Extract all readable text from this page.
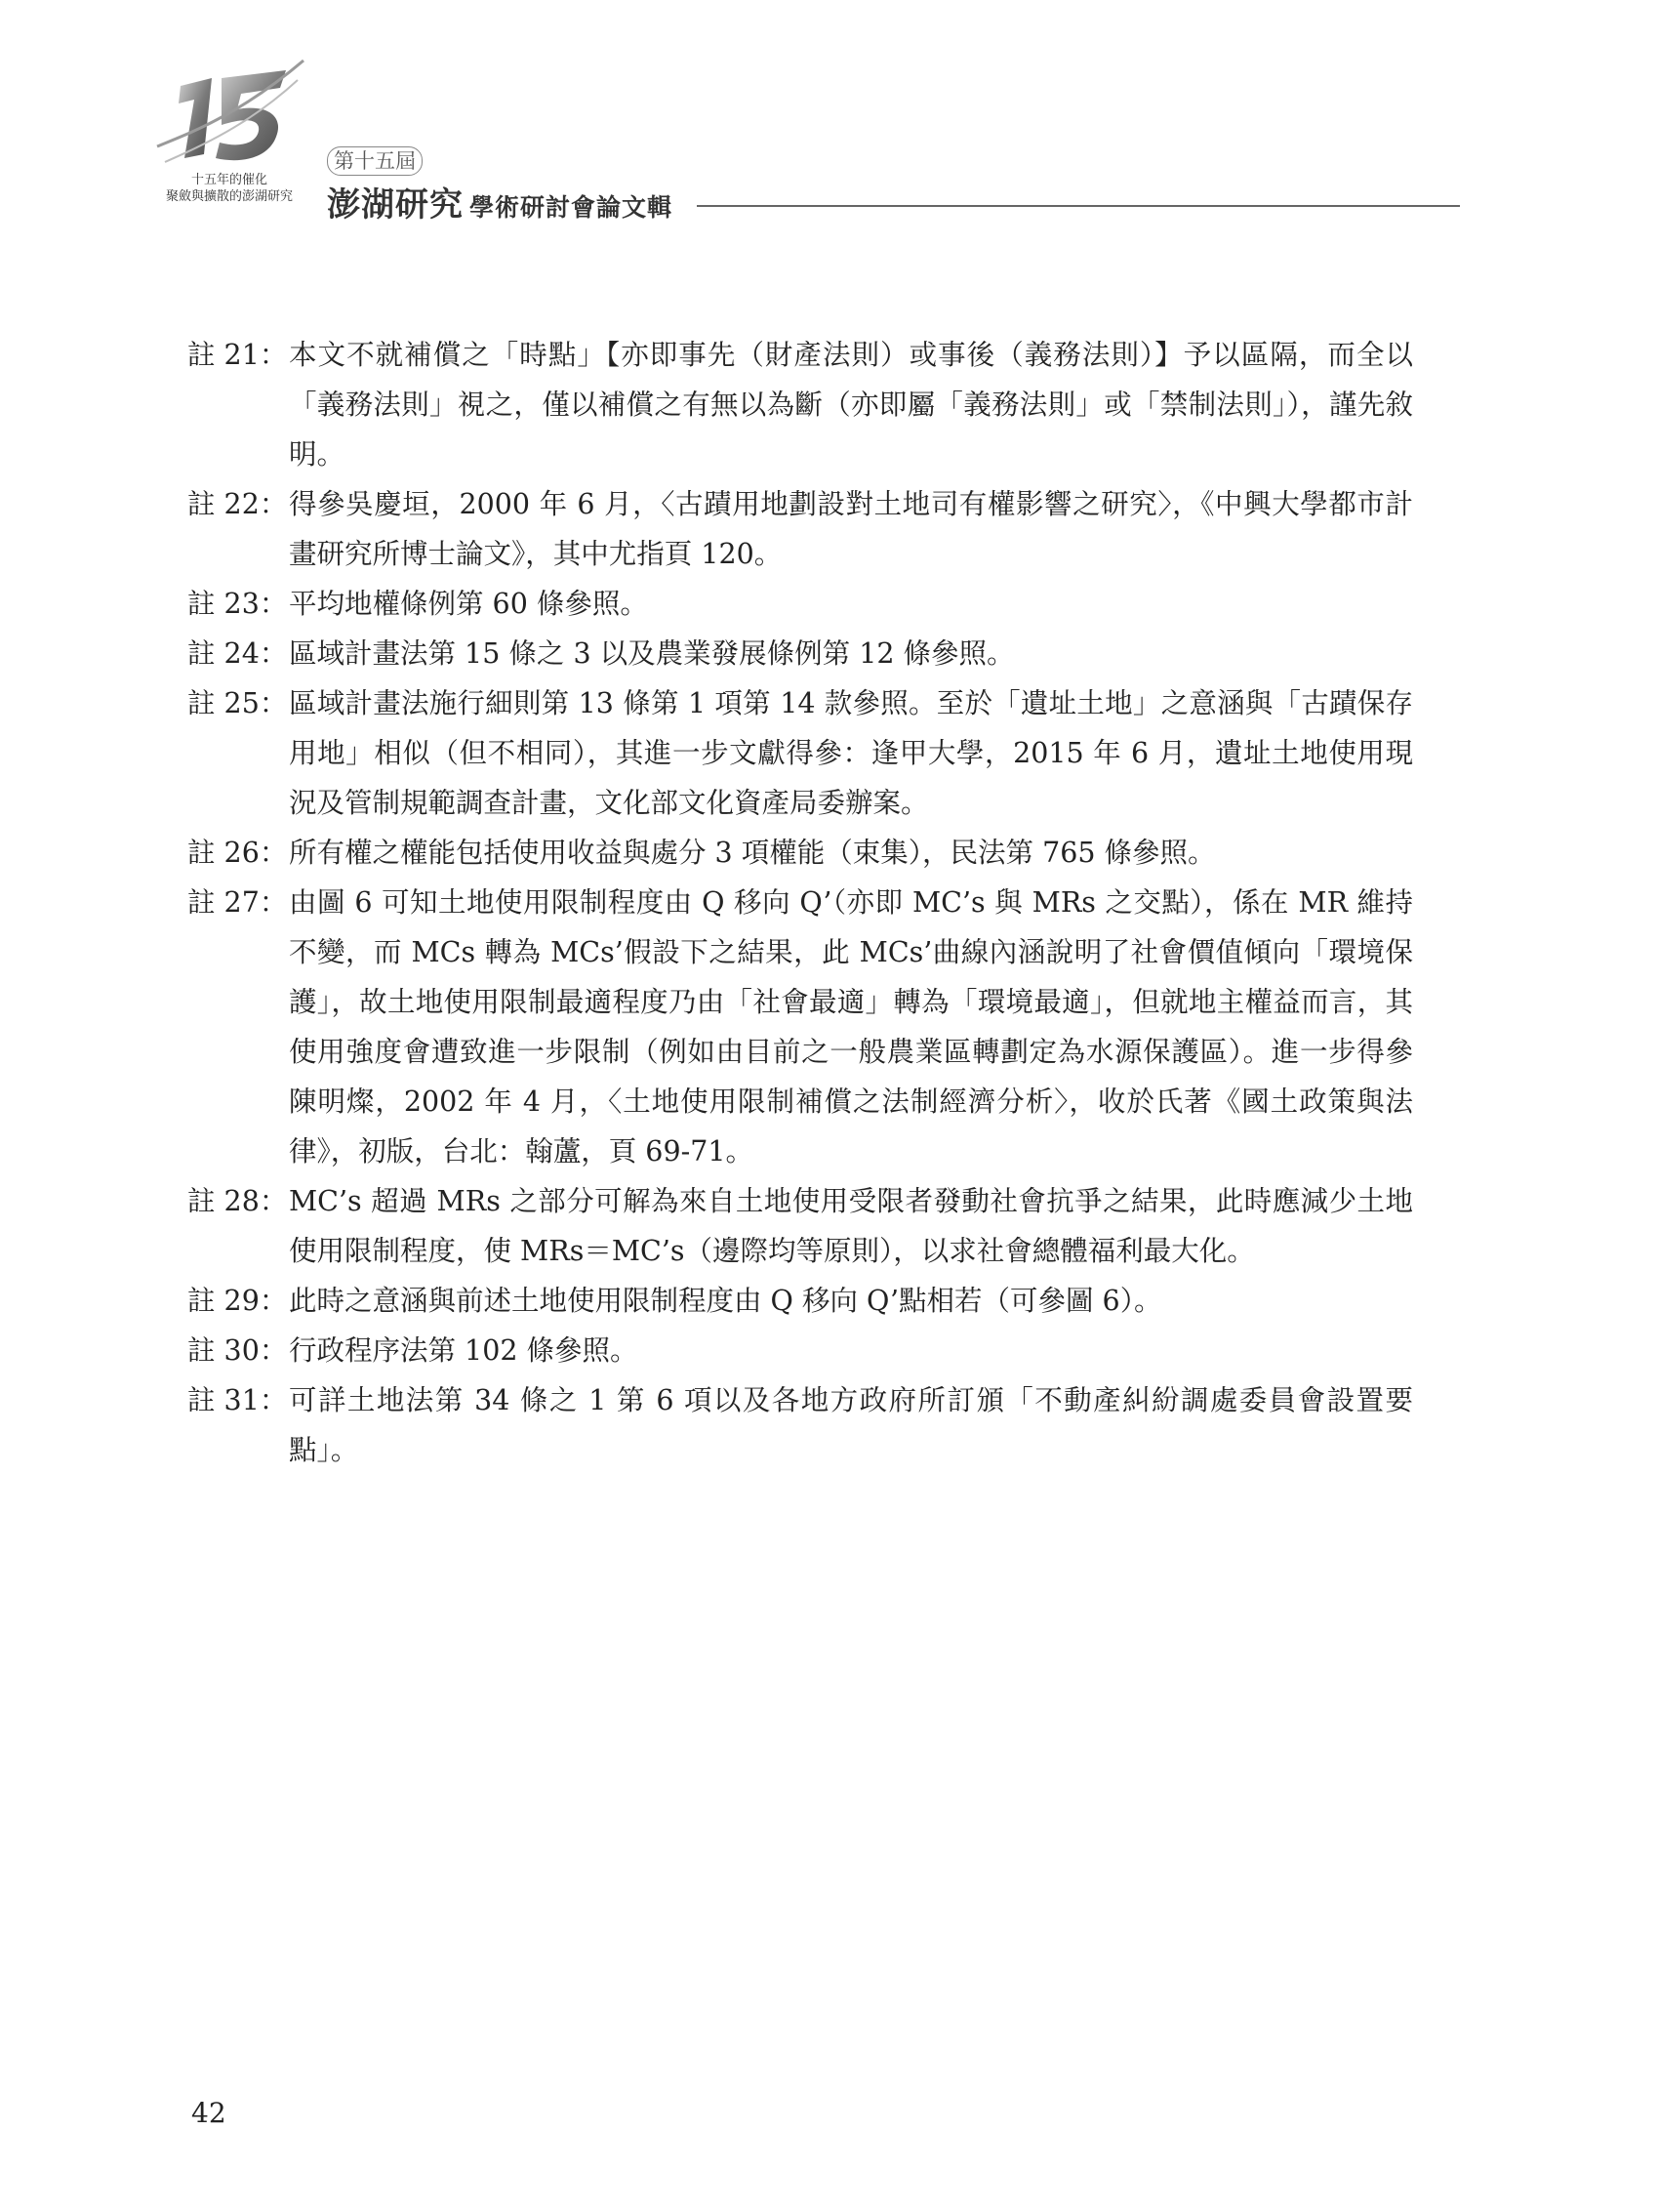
十五年的催化
聚斂與擴散的澎湖研究
第十五屆
澎湖研究 學術研討會論文輯
註 21： 本文不就補償之「時點」【亦即事先（財產法則）或事後（義務法則）】予以區隔，而全以「義務法則」視之，僅以補償之有無以為斷（亦即屬「義務法則」或「禁制法則」），謹先敘明。
註 22： 得參吳慶垣，2000 年 6 月，〈古蹟用地劃設對土地司有權影響之研究〉，《中興大學都市計畫研究所博士論文》，其中尤指頁 120。
註 23： 平均地權條例第 60 條參照。
註 24： 區域計畫法第 15 條之 3 以及農業發展條例第 12 條參照。
註 25： 區域計畫法施行細則第 13 條第 1 項第 14 款參照。至於「遺址土地」之意涵與「古蹟保存用地」相似（但不相同），其進一步文獻得參：逢甲大學，2015 年 6 月，遺址土地使用現況及管制規範調查計畫，文化部文化資產局委辦案。
註 26： 所有權之權能包括使用收益與處分 3 項權能（束集），民法第 765 條參照。
註 27： 由圖 6 可知土地使用限制程度由 Q 移向 Q’（亦即 MC’s 與 MRs 之交點），係在 MR 維持不變，而 MCs 轉為 MCs’假設下之結果，此 MCs’曲線內涵說明了社會價值傾向「環境保護」，故土地使用限制最適程度乃由「社會最適」轉為「環境最適」，但就地主權益而言，其使用強度會遭致進一步限制（例如由目前之一般農業區轉劃定為水源保護區）。進一步得參陳明燦，2002 年 4 月，〈土地使用限制補償之法制經濟分析〉，收於氏著《國土政策與法律》，初版，台北：翰蘆，頁 69-71。
註 28： MC’s 超過 MRs 之部分可解為來自土地使用受限者發動社會抗爭之結果，此時應減少土地使用限制程度，使 MRs＝MC’s（邊際均等原則），以求社會總體福利最大化。
註 29： 此時之意涵與前述土地使用限制程度由 Q 移向 Q’點相若（可參圖 6）。
註 30： 行政程序法第 102 條參照。
註 31： 可詳土地法第 34 條之 1 第 6 項以及各地方政府所訂頒「不動產糾紛調處委員會設置要點」。
42
